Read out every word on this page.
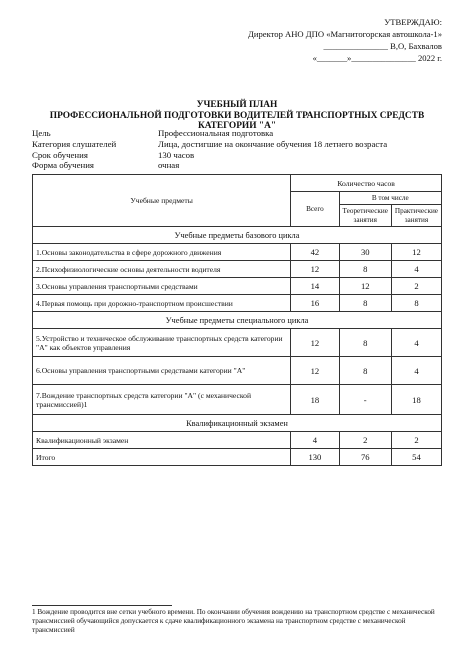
УТВЕРЖДАЮ:
Директор АНО ДПО «Магнитогорская автошкола-1»
_______________ В,О, Бахвалов
«_______»_______________ 2022 г.
УЧЕБНЫЙ ПЛАН
ПРОФЕССИОНАЛЬНОЙ ПОДГОТОВКИ ВОДИТЕЛЕЙ ТРАНСПОРТНЫХ СРЕДСТВ
КАТЕГОРИИ "А"
Цель	Профессиональная подготовка
Категория слушателей	Лица, достигшие на окончание обучения 18 летнего возраста
Срок обучения	130 часов
Форма обучения	очная
Учебные предметы	Количество часов		
	Всего	В том числе	
		Теоретические занятия	Практические занятия
Учебные предметы базового цикла			
1.Основы законодательства в сфере дорожного движения	42	30	12
2.Психофизиологические основы деятельности водителя	12	8	4
3.Основы управления транспортными средствами	14	12	2
4.Первая помощь при дорожно-транспортном происшествии	16	8	8
Учебные предметы специального цикла			
5.Устройство и техническое обслуживание транспортных средств категории "А" как объектов управления	12	8	4
6.Основы управления транспортными средствами категории "А"	12	8	4
7.Вождение транспортных средств категории "А" (с механической трансмиссией)1	18	-	18
Квалификационный экзамен			
Квалификационный экзамен	4	2	2
Итого	130	76	54
1 Вождение проводится вне сетки учебного времени. По окончании обучения вождению на транспортном средстве с механической трансмиссией обучающийся допускается к сдаче квалификационного экзамена на транспортном средстве с механической трансмиссией
